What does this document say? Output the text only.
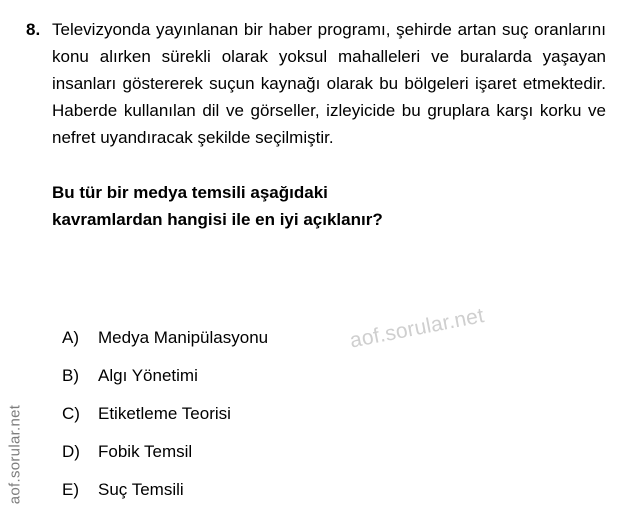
aof.sorular.net
aof.sorular.net
8. Televizyonda yayınlanan bir haber programı, şehirde artan suç oranlarını konu alırken sürekli olarak yoksul mahalleleri ve buralarda yaşayan insanları göstererek suçun kaynağı olarak bu bölgeleri işaret etmektedir. Haberde kullanılan dil ve görseller, izleyicide bu gruplara karşı korku ve nefret uyandıracak şekilde seçilmiştir.
Bu tür bir medya temsili aşağıdaki
kavramlardan hangisi ile en iyi açıklanır?
A)	Medya Manipülasyonu
B)	Algı Yönetimi
C)	Etiketleme Teorisi
D)	Fobik Temsil
E)	Suç Temsili
